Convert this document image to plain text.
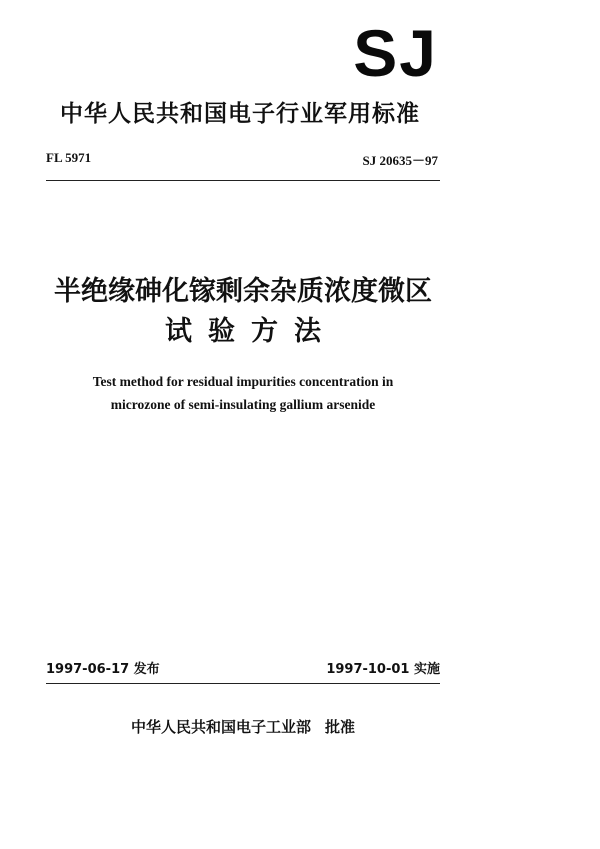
SJ
中华人民共和国电子行业军用标准
FL 5971	SJ 20635－97
半绝缘砷化镓剩余杂质浓度微区
试验方法
Test method for residual impurities concentration in
microzone of semi-insulating gallium arsenide
1997-06-17 发布	1997-10-01 实施
中华人民共和国电子工业部 批准
